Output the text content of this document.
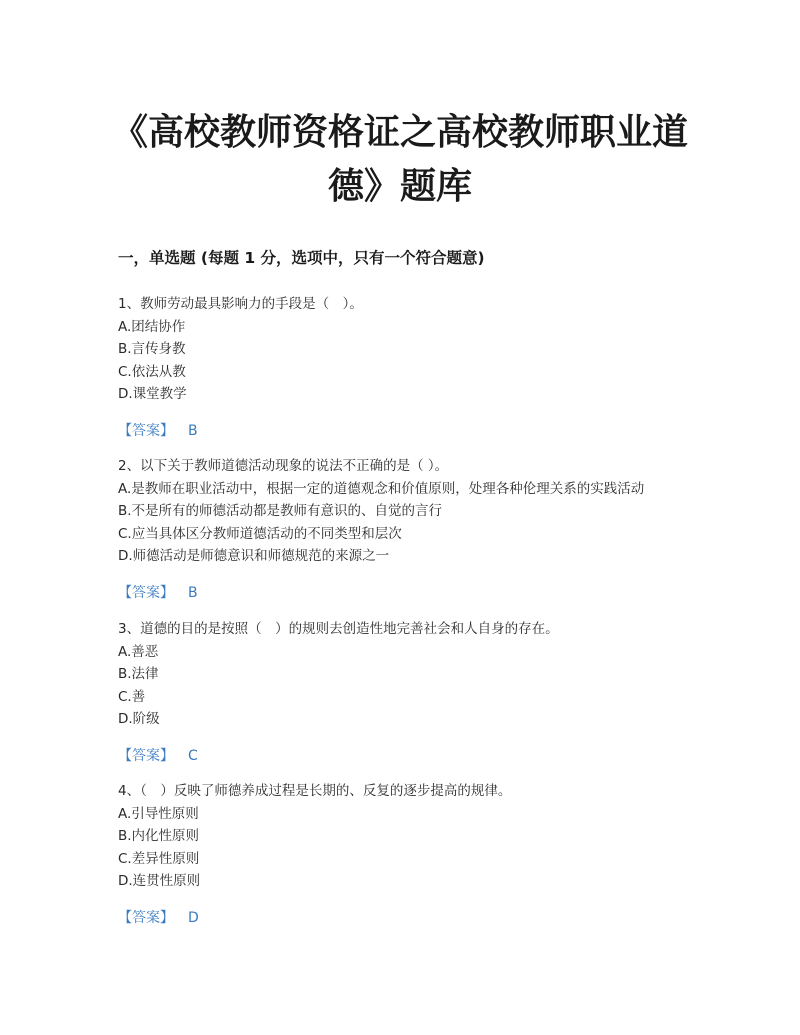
《高校教师资格证之高校教师职业道德》题库
一，单选题 (每题 1 分，选项中，只有一个符合题意)
1、教师劳动最具影响力的手段是（　）。
A.团结协作
B.言传身教
C.依法从教
D.课堂教学
【答案】 B
2、以下关于教师道德活动现象的说法不正确的是（ ）。
A.是教师在职业活动中，根据一定的道德观念和价值原则，处理各种伦理关系的实践活动
B.不是所有的师德活动都是教师有意识的、自觉的言行
C.应当具体区分教师道德活动的不同类型和层次
D.师德活动是师德意识和师德规范的来源之一
【答案】 B
3、道德的目的是按照（　）的规则去创造性地完善社会和人自身的存在。
A.善恶
B.法律
C.善
D.阶级
【答案】 C
4、（　）反映了师德养成过程是长期的、反复的逐步提高的规律。
A.引导性原则
B.内化性原则
C.差异性原则
D.连贯性原则
【答案】 D
